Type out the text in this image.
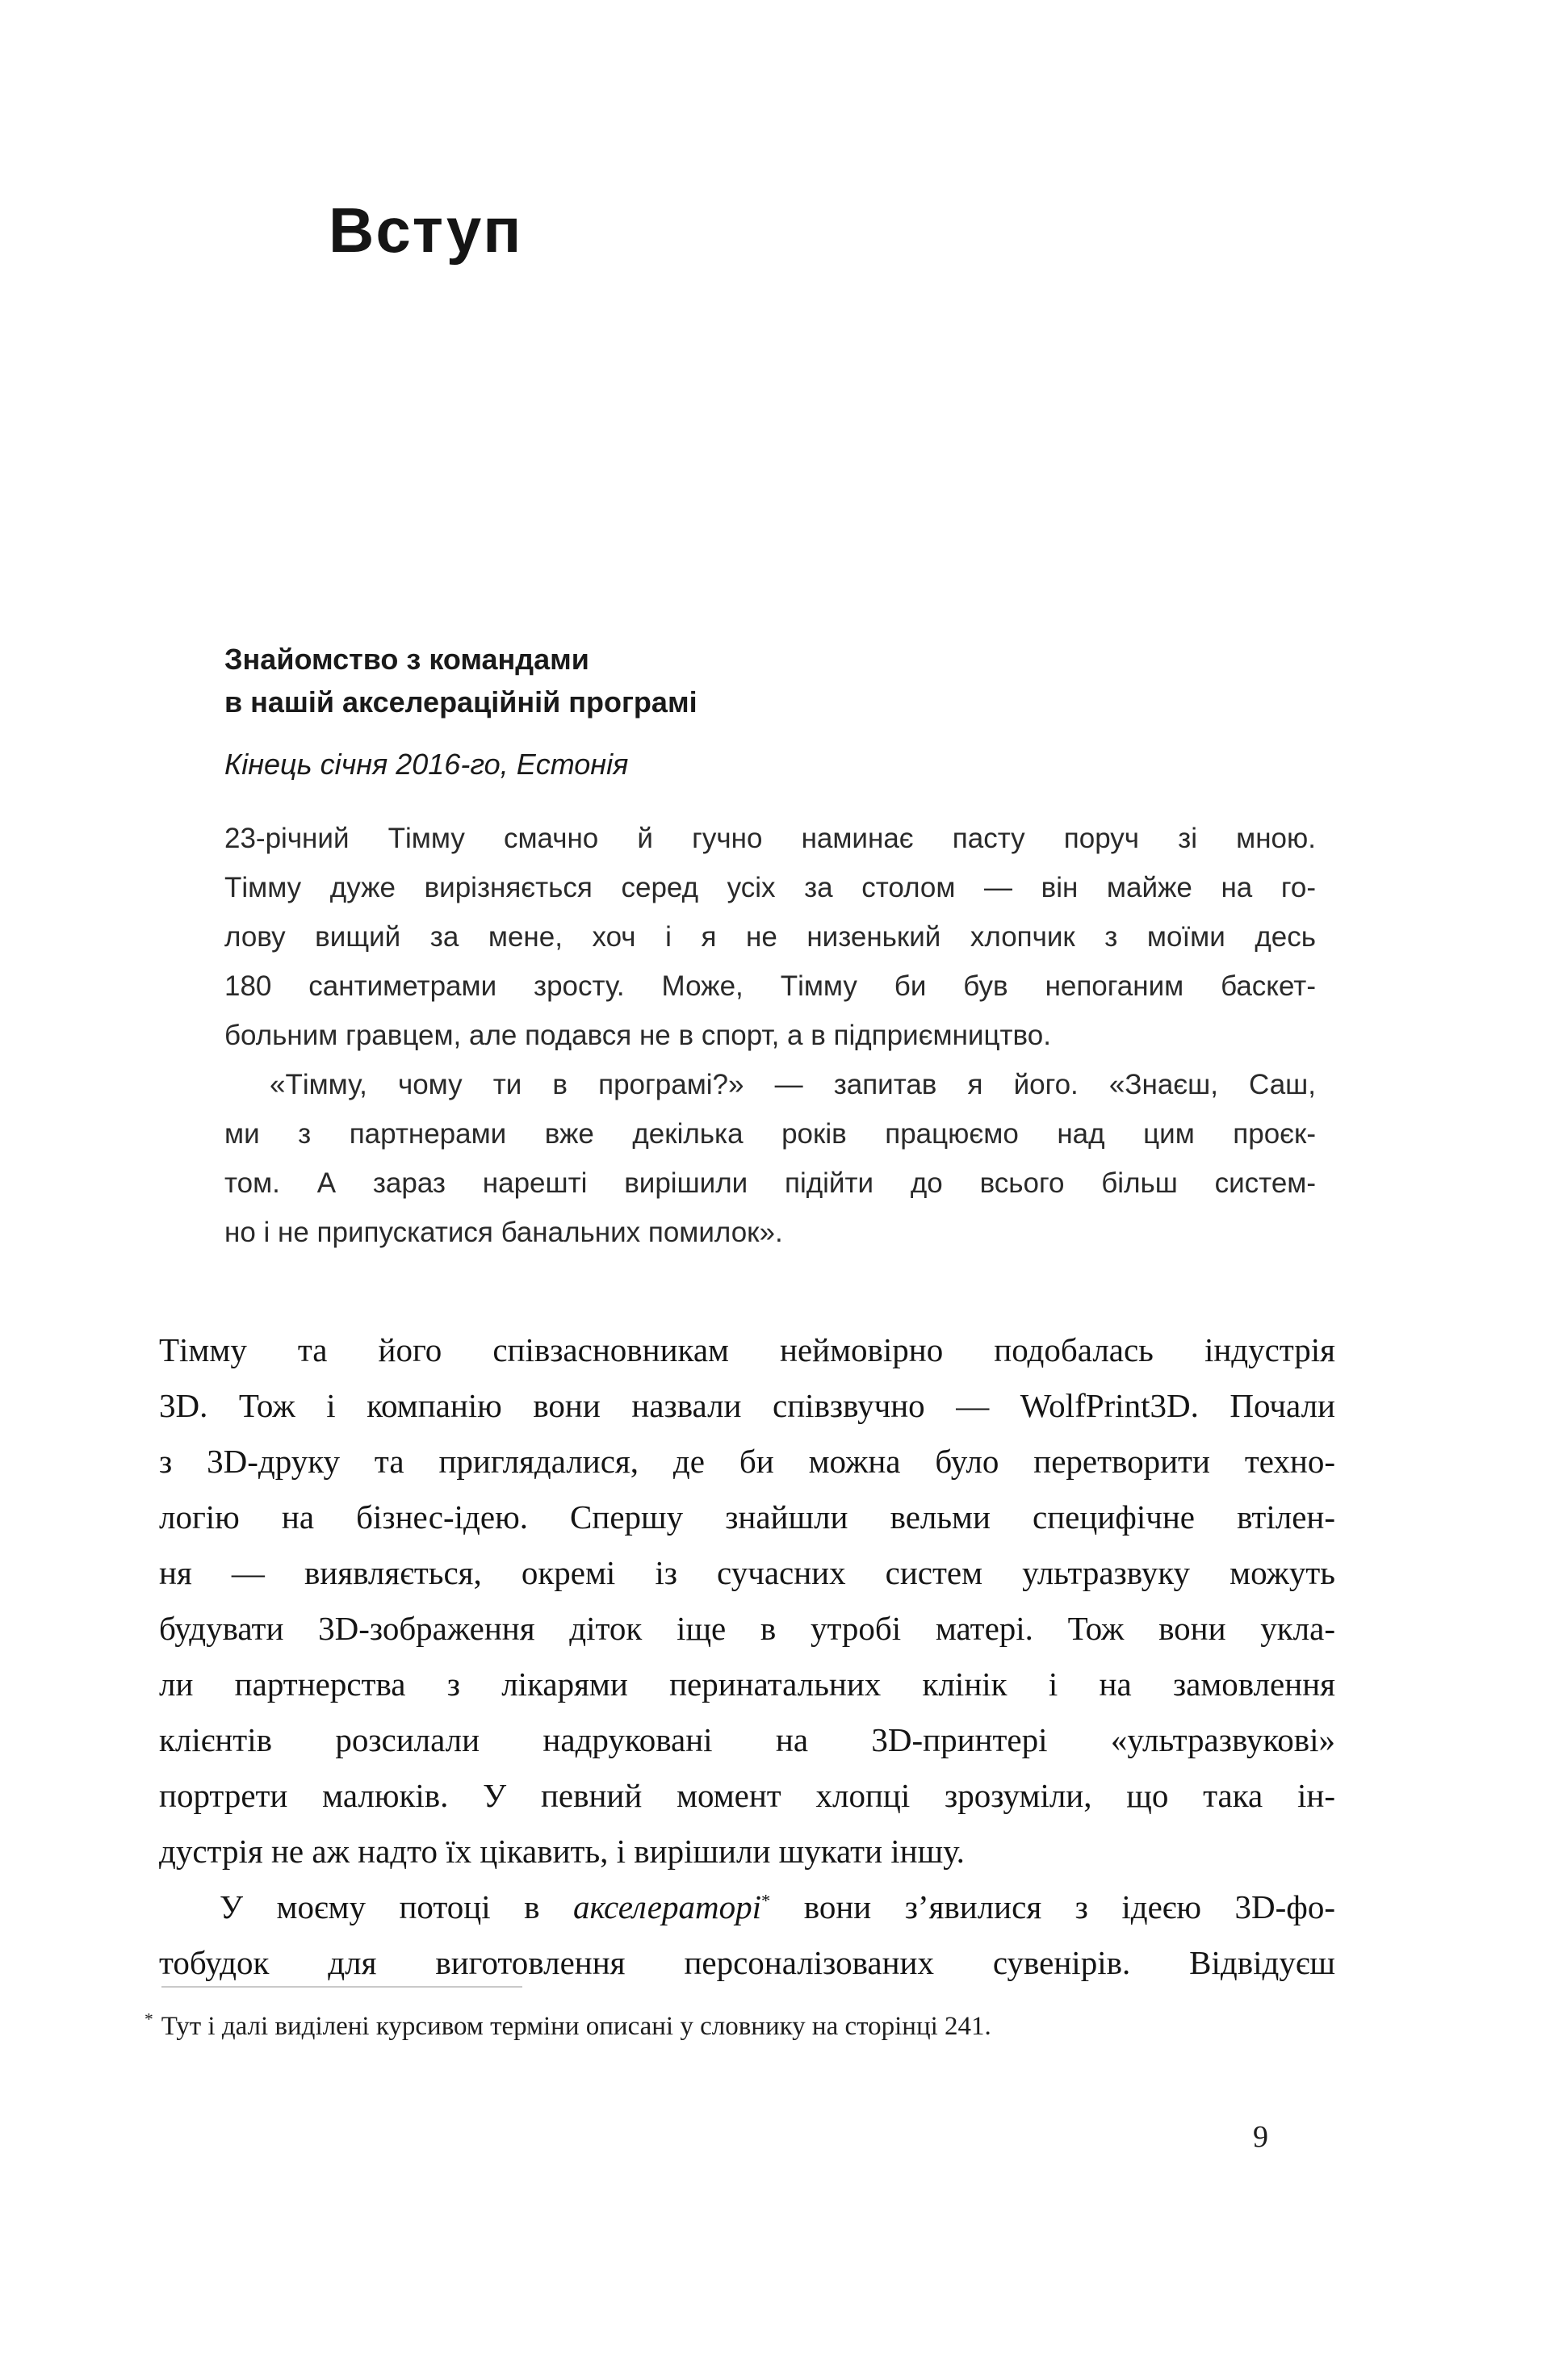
Вступ
Знайомство з командами
в нашій акселераційній програмі
Кінець січня 2016-го, Естонія
23-річний Тімму смачно й гучно наминає пасту поруч зі мною.
Тімму дуже вирізняється серед усіх за столом — він майже на го-
лову вищий за мене, хоч і я не низенький хлопчик з моїми десь
180 сантиметрами зросту. Може, Тімму би був непоганим баскет-
больним гравцем, але подався не в спорт, а в підприємництво.
«Тімму, чому ти в програмі?» — запитав я його. «Знаєш, Саш,
ми з партнерами вже декілька років працюємо над цим проєк-
том. А зараз нарешті вирішили підійти до всього більш систем-
но і не припускатися банальних помилок».
Тімму та його співзасновникам неймовірно подобалась індустрія
3D. Тож і компанію вони назвали співзвучно — WolfPrint3D. Почали
з 3D-друку та приглядалися, де би можна було перетворити техно-
логію на бізнес-ідею. Спершу знайшли вельми специфічне втілен-
ня — виявляється, окремі із сучасних систем ультразвуку можуть
будувати 3D-зображення діток іще в утробі матері. Тож вони укла-
ли партнерства з лікарями перинатальних клінік і на замовлення
клієнтів розсилали надруковані на 3D-принтері «ультразвукові»
портрети малюків. У певний момент хлопці зрозуміли, що така ін-
дустрія не аж надто їх цікавить, і вирішили шукати іншу.
У моєму потоці в акселераторі* вони з’явилися з ідеєю 3D-фо-
тобудок для виготовлення персоналізованих сувенірів. Відвідуєш
* Тут і далі виділені курсивом терміни описані у словнику на сторінці 241.
9
